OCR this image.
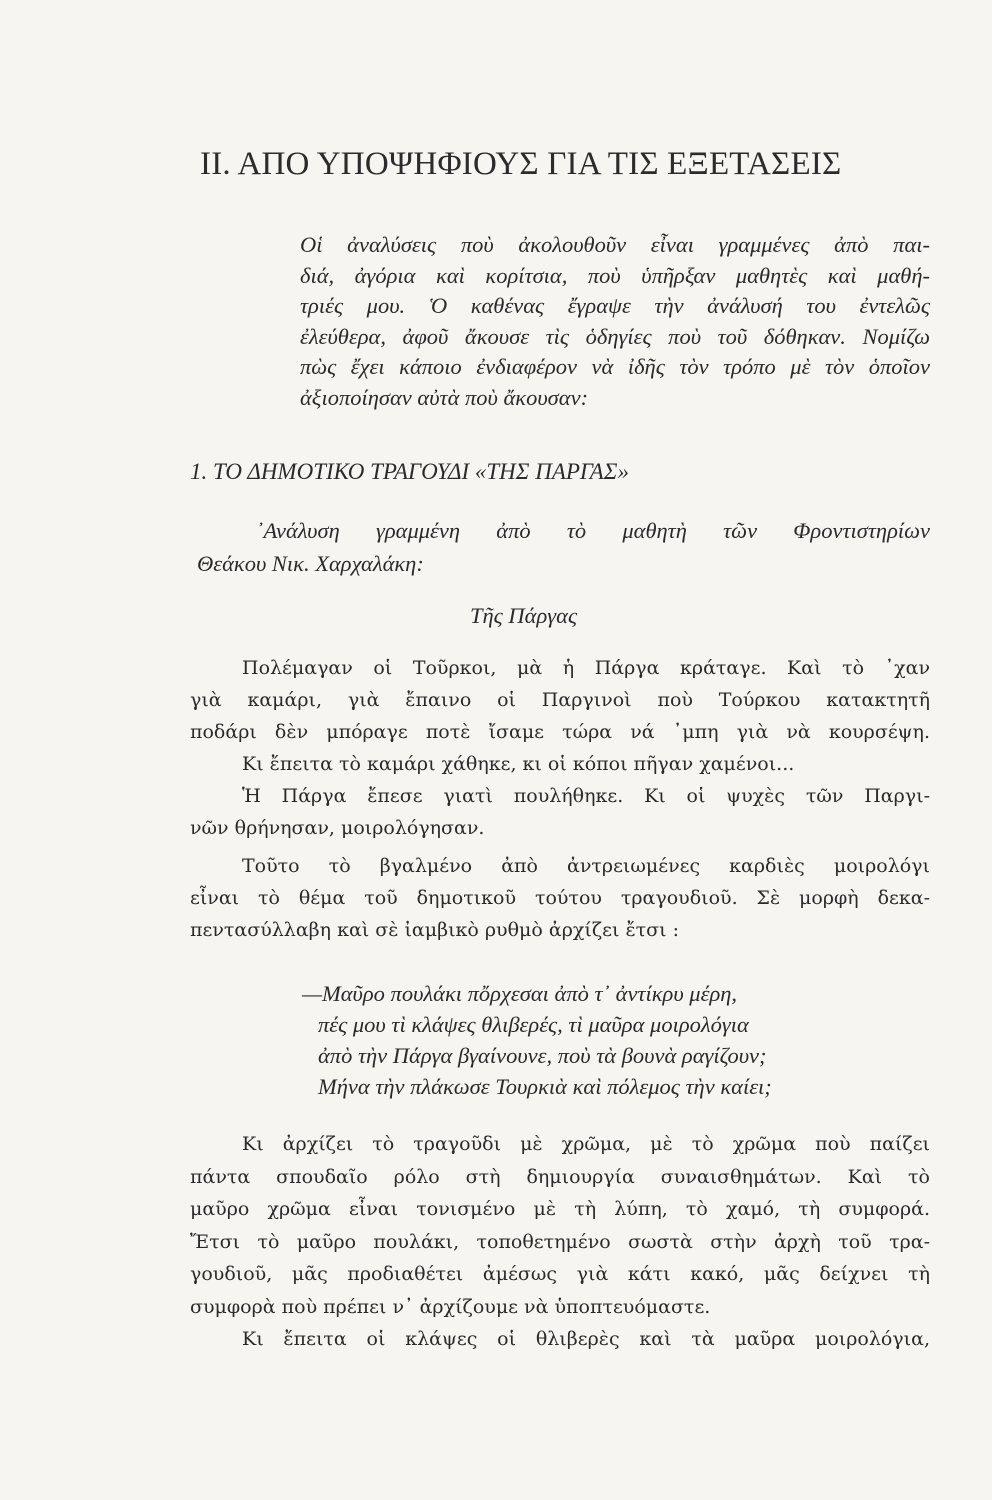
ΙΙ. ΑΠΟ ΥΠΟΨΗΦΙΟΥΣ ΓΙΑ ΤΙΣ ΕΞΕΤΑΣΕΙΣ
Οἱ ἀναλύσεις ποὺ ἀκολουθοῦν εἶναι γραμμένες ἀπὸ παι-
διά, ἀγόρια καὶ κορίτσια, ποὺ ὑπῆρξαν μαθητὲς καὶ μαθή-
τριές μου. Ὁ καθένας ἔγραψε τὴν ἀνάλυσή του ἐντελῶς
ἐλεύθερα, ἀφοῦ ἄκουσε τὶς ὁδηγίες ποὺ τοῦ δόθηκαν. Νομίζω
πὼς ἔχει κάποιο ἐνδιαφέρον νὰ ἰδῆς τὸν τρόπο μὲ τὸν ὁποῖον
ἀξιοποίησαν αὐτὰ ποὺ ἄκουσαν:
1. ΤΟ ΔΗΜΟΤΙΚΟ ΤΡΑΓΟΥΔΙ «ΤΗΣ ΠΑΡΓΑΣ»
᾿Ανάλυση γραμμένη ἀπὸ τὸ μαθητὴ τῶν Φροντιστηρίων
Θεάκου Νικ. Χαρχαλάκη:
Τῆς Πάργας
Πολέμαγαν οἱ Τοῦρκοι, μὰ ἡ Πάργα κράταγε. Καὶ τὸ ᾿χαν
γιὰ καμάρι, γιὰ ἔπαινο οἱ Παργινοὶ ποὺ Τούρκου κατακτητῆ
ποδάρι δὲν μπόραγε ποτὲ ἴσαμε τώρα νά ᾿μπη γιὰ νὰ κουρσέψη.
Κι ἔπειτα τὸ καμάρι χάθηκε, κι οἱ κόποι πῆγαν χαμένοι...
Ἡ Πάργα ἔπεσε γιατὶ πουλήθηκε. Κι οἱ ψυχὲς τῶν Παργι-
νῶν θρήνησαν, μοιρολόγησαν.
Τοῦτο τὸ βγαλμένο ἀπὸ ἀντρειωμένες καρδιὲς μοιρολόγι
εἶναι τὸ θέμα τοῦ δημοτικοῦ τούτου τραγουδιοῦ. Σὲ μορφὴ δεκα-
πεντασύλλαβη καὶ σὲ ἰαμβικὸ ρυθμὸ ἀρχίζει ἔτσι :
—Μαῦρο πουλάκι πὄρχεσαι ἀπὸ τ᾿ ἀντίκρυ μέρη,
πές μου τὶ κλάψες θλιβερές, τὶ μαῦρα μοιρολόγια
ἀπὸ τὴν Πάργα βγαίνουνε, ποὺ τὰ βουνὰ ραγίζουν;
Μήνα τὴν πλάκωσε Τουρκιὰ καὶ πόλεμος τὴν καίει;
Κι ἀρχίζει τὸ τραγοῦδι μὲ χρῶμα, μὲ τὸ χρῶμα ποὺ παίζει
πάντα σπουδαῖο ρόλο στὴ δημιουργία συναισθημάτων. Καὶ τὸ
μαῦρο χρῶμα εἶναι τονισμένο μὲ τὴ λύπη, τὸ χαμό, τὴ συμφορά.
Ἔτσι τὸ μαῦρο πουλάκι, τοποθετημένο σωστὰ στὴν ἀρχὴ τοῦ τρα-
γουδιοῦ, μᾶς προδιαθέτει ἀμέσως γιὰ κάτι κακό, μᾶς δείχνει τὴ
συμφορὰ ποὺ πρέπει ν᾿ ἀρχίζουμε νὰ ὑποπτευόμαστε.
Κι ἔπειτα οἱ κλάψες οἱ θλιβερὲς καὶ τὰ μαῦρα μοιρολόγια,
